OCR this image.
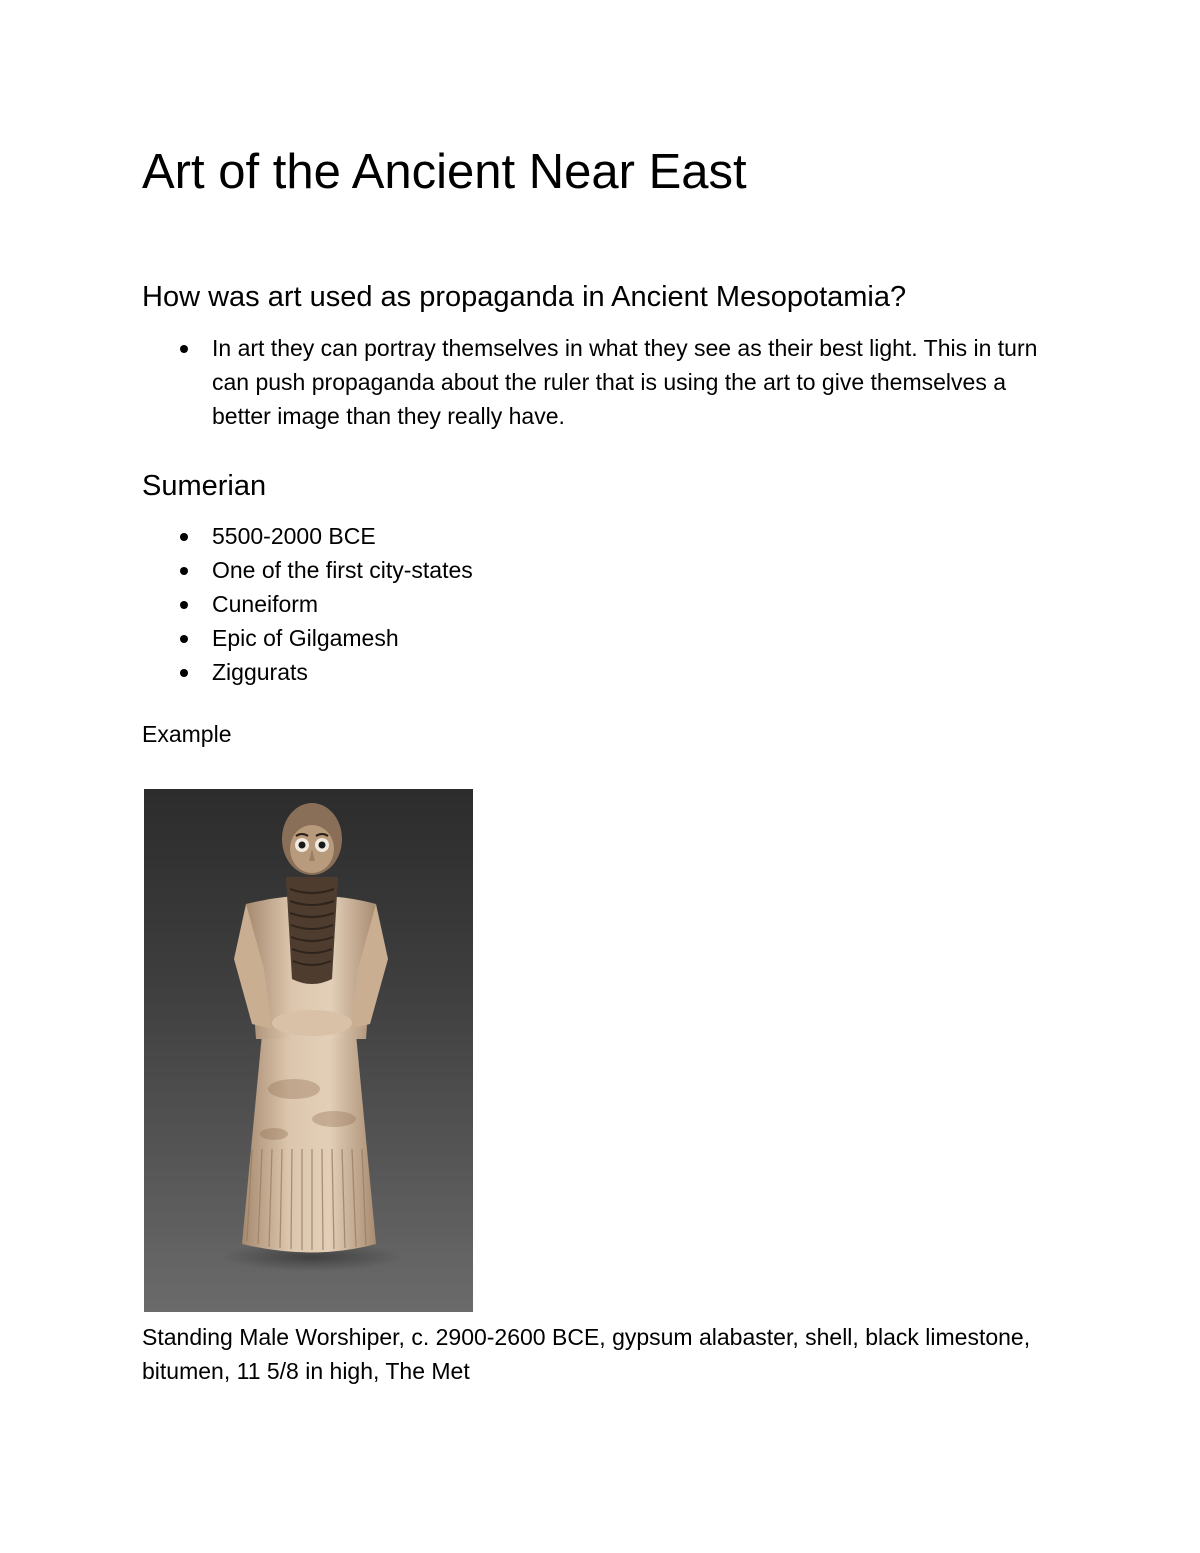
Art of the Ancient Near East
How was art used as propaganda in Ancient Mesopotamia?
In art they can portray themselves in what they see as their best light. This in turn can push propaganda about the ruler that is using the art to give themselves a better image than they really have.
Sumerian
5500-2000 BCE
One of the first city-states
Cuneiform
Epic of Gilgamesh
Ziggurats

Example

Standing Male Worshiper, c. 2900-2600 BCE, gypsum alabaster, shell, black limestone, bitumen, 11 5/8 in high, The Met
